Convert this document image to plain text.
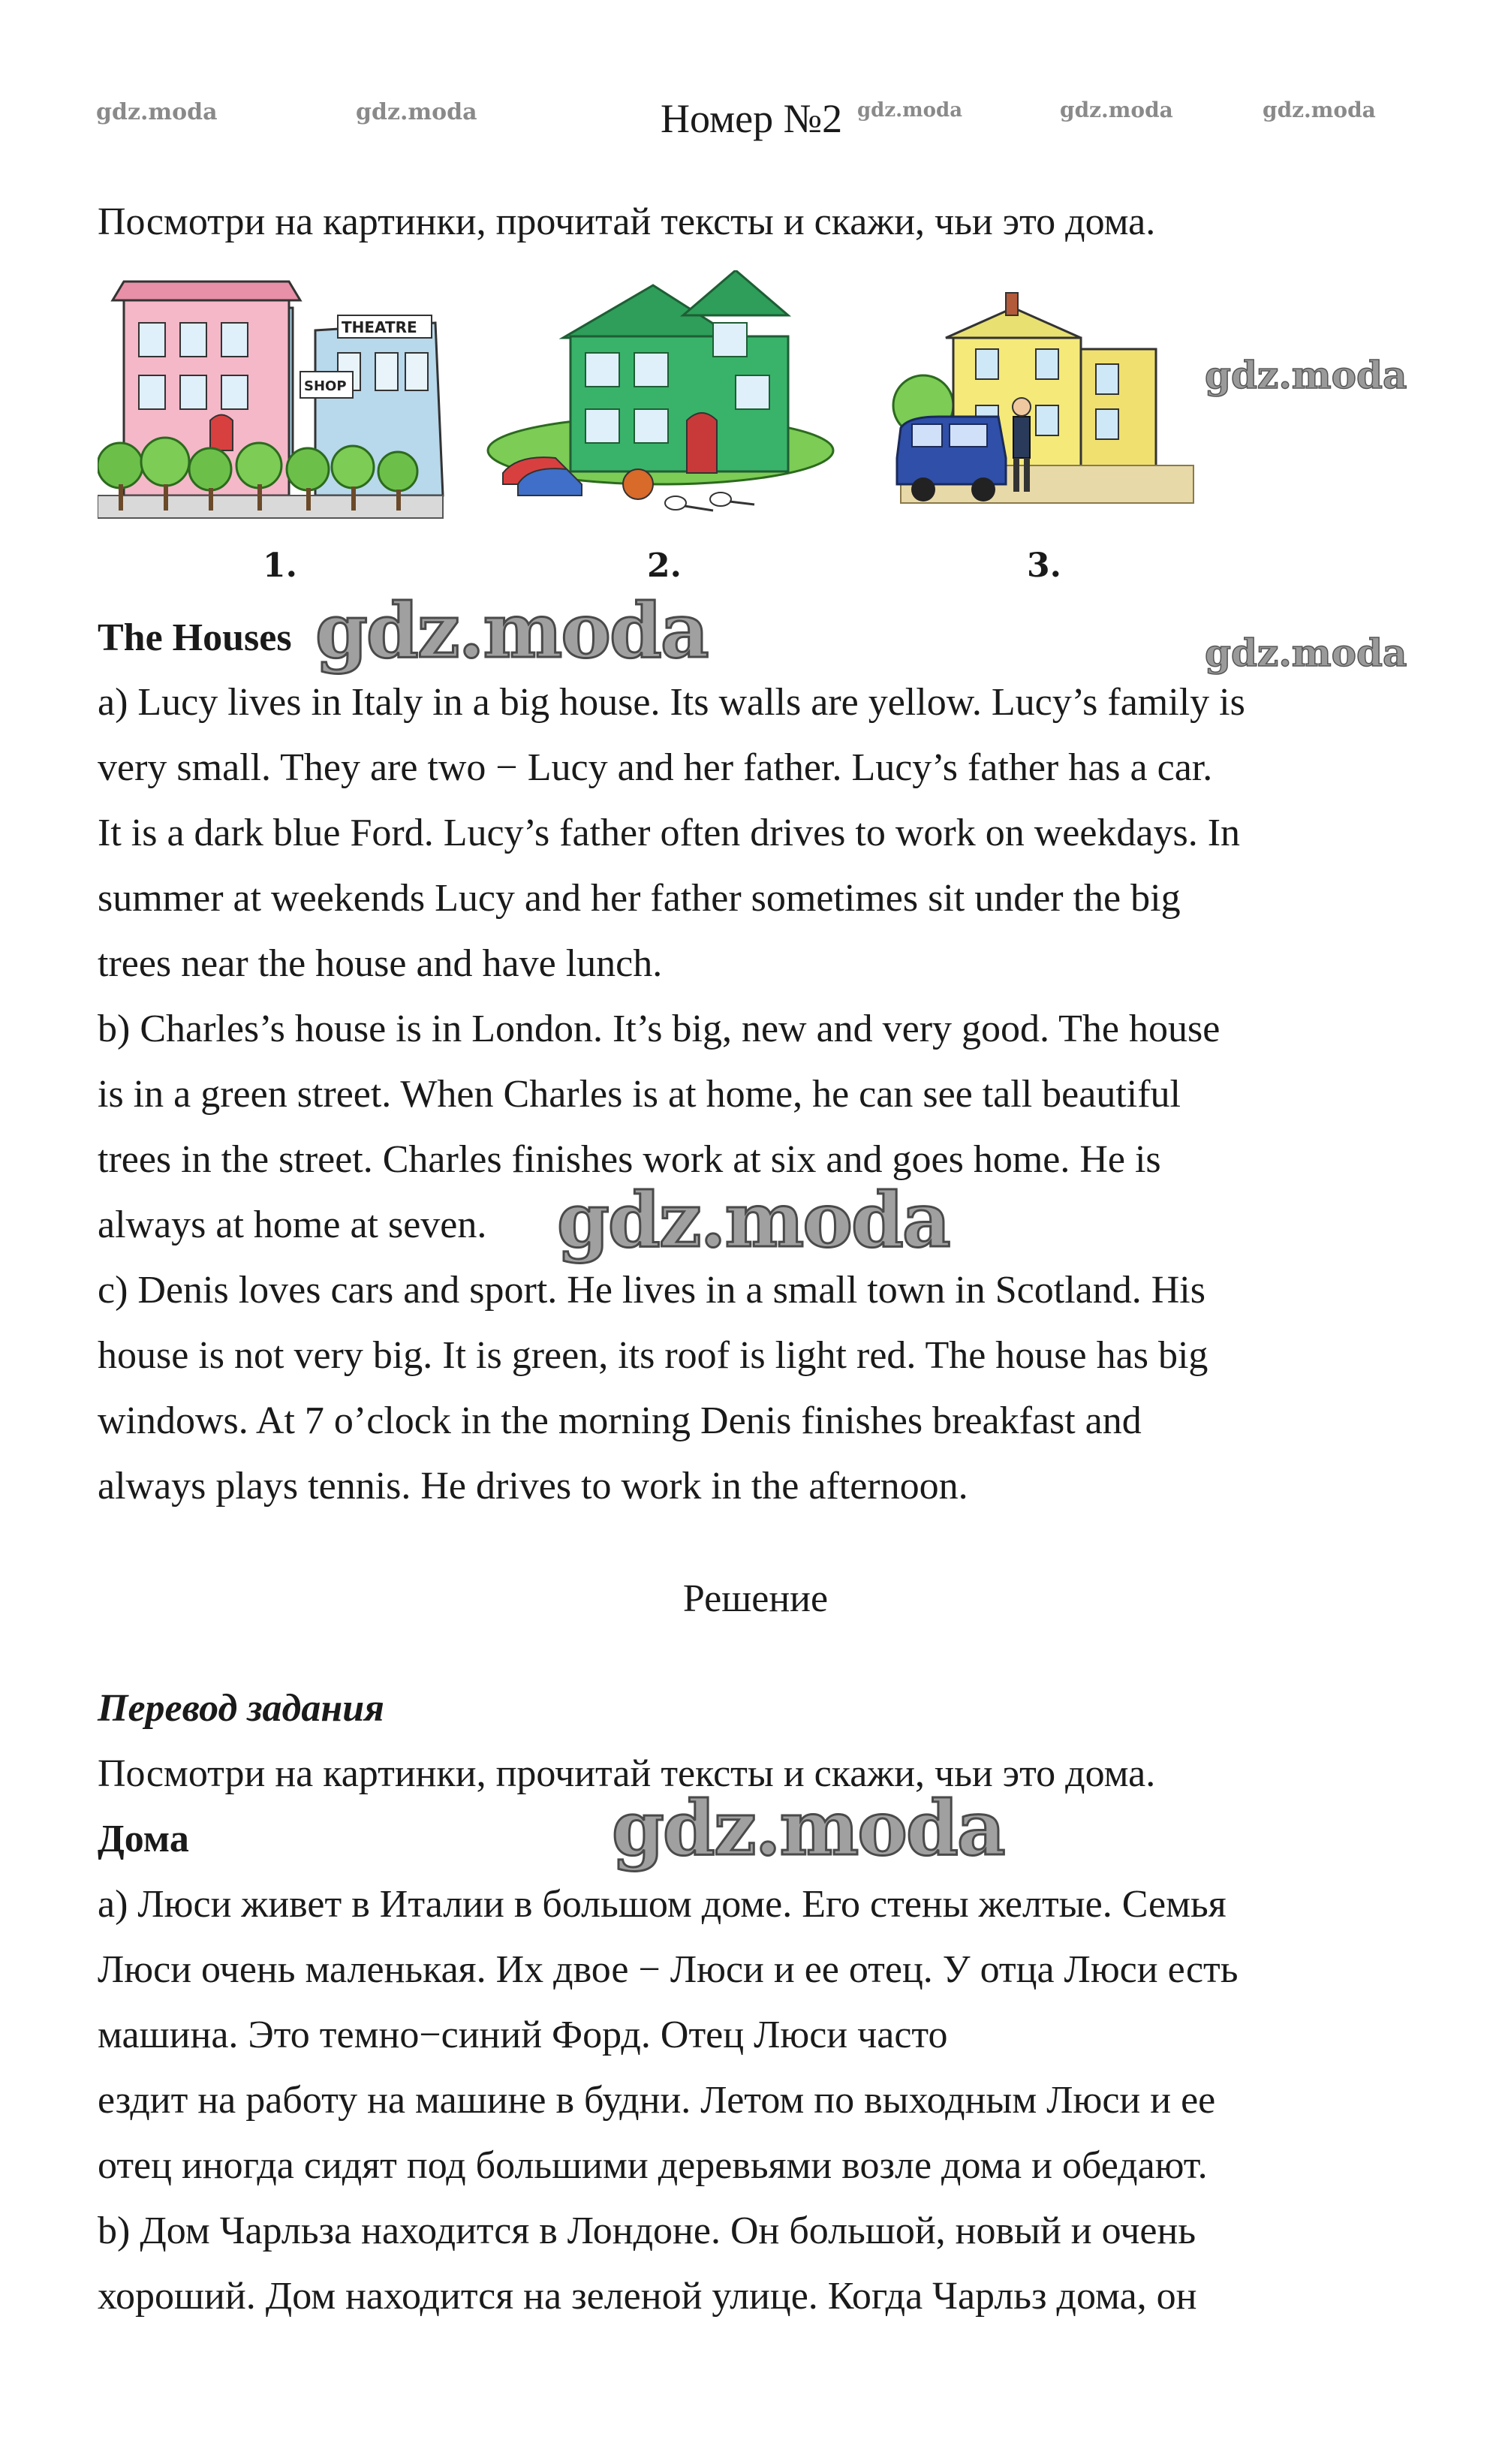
gdz.moda	gdz.moda	gdz.moda	gdz.moda	gdz.moda
Номер №2
Посмотри на картинки, прочитай тексты и скажи, чьи это дома.
THEATRE
SHOP	gdz.moda
1.	2.	3.
The Houses gdz.moda	gdz.moda
a) Lucy lives in Italy in a big house. Its walls are yellow. Lucy’s family is
very small. They are two − Lucy and her father. Lucy’s father has a car.
It is a dark blue Ford. Lucy’s father often drives to work on weekdays. In
summer at weekends Lucy and her father sometimes sit under the big
trees near the house and have lunch.
b) Charles’s house is in London. It’s big, new and very good. The house
is in a green street. When Charles is at home, he can see tall beautiful
trees in the street. Charles finishes work at six and goes home. He is
always at home at seven. gdz.moda
c) Denis loves cars and sport. He lives in a small town in Scotland. His
house is not very big. It is green, its roof is light red. The house has big
windows. At 7 o’clock in the morning Denis finishes breakfast and
always plays tennis. He drives to work in the afternoon.
Решение
Перевод задания
Посмотри на картинки, прочитай тексты и скажи, чьи это дома.
Дома	gdz.moda
a) Люси живет в Италии в большом доме. Его стены желтые. Семья
Люси очень маленькая. Их двое − Люси и ее отец. У отца Люси есть
машина. Это темно−синий Форд. Отец Люси часто
ездит на работу на машине в будни. Летом по выходным Люси и ее
отец иногда сидят под большими деревьями возле дома и обедают.
b) Дом Чарльза находится в Лондоне. Он большой, новый и очень
хороший. Дом находится на зеленой улице. Когда Чарльз дома, он
